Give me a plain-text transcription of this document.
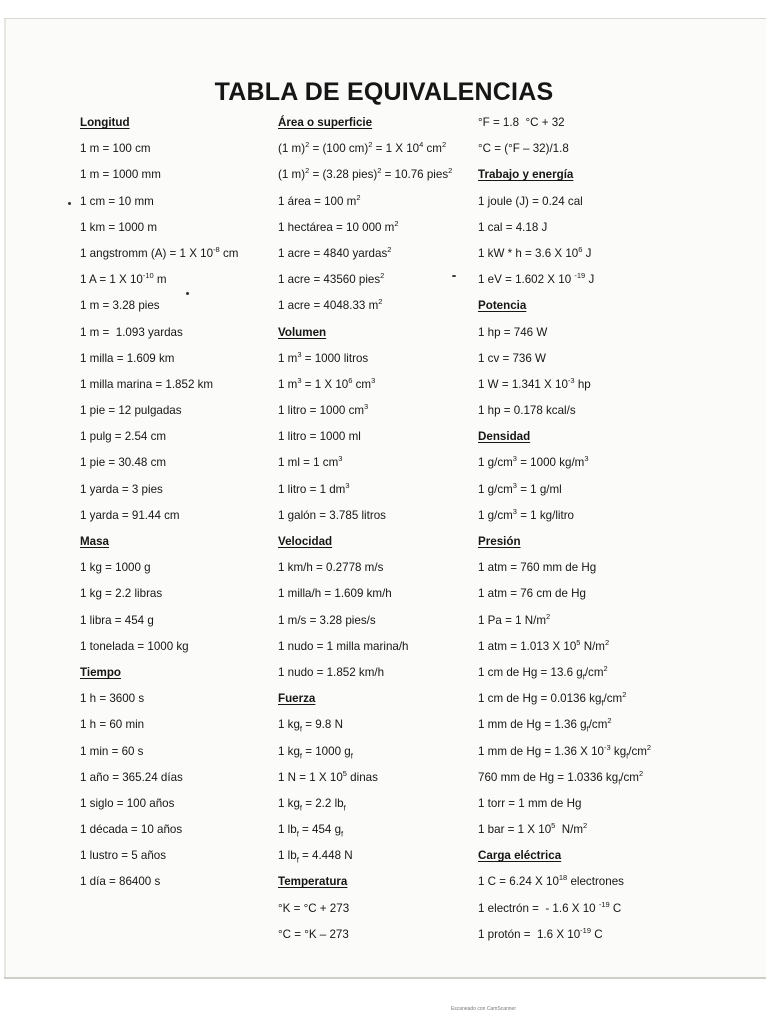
TABLA DE EQUIVALENCIAS

Longitud

1 m = 100 cm

1 m = 1000 mm

1 cm = 10 mm

1 km = 1000 m

1 angstromm (A) = 1 X $10^{-8}$ cm

1 A = 1 X $10^{-10}$ m

1 m = 3.28 pies

1 m =  1.093 yardas

1 milla = 1.609 km

1 milla marina = 1.852 km

1 pie = 12 pulgadas

1 pulg = 2.54 cm

1 pie = 30.48 cm

1 yarda = 3 pies

1 yarda = 91.44 cm

Masa

1 kg = 1000 g

1 kg = 2.2 libras

1 libra = 454 g

1 tonelada = 1000 kg

Tiempo

1 h = 3600 s

1 h = 60 min

1 min = 60 s

1 año = 365.24 días

1 siglo = 100 años

1 década = 10 años

1 lustro = 5 años

1 día = 86400 s

Área o superficie

(1 m)$^2$ = (100 cm)$^2$ = 1 X $10^4$ $cm^2$

(1 m)$^2$ = (3.28 pies)$^2$ = 10.76 pies$^2$

1 área = 100 $m^2$

1 hectárea = 10 000 $m^2$

1 acre = 4840 yardas$^2$

1 acre = 43560 pies$^2$

1 acre = 4048.33 $m^2$

Volumen

1 $m^3 = 1000$ litros

1 $m^3 = 1$ X $10^6$ $cm^3$

1 litro = 1000 $cm^3$

1 litro = 1000 ml

1 ml = 1 $cm^3$

1 litro = 1 $dm^3$

1 galón = 3.785 litros

Velocidad

1 km/h = 0.2778 m/s

1 milla/h = 1.609 km/h

1 m/s = 3.28 pies/s

1 nudo = 1 milla marina/h

1 nudo = 1.852 km/h

Fuerza

1 $kg_f = 9.8$ N

1 $kg_f = 1000$ $g_f$

1 N = 1 X $10^5$ dinas

1 $kg_f = 2.2$ $lb_f$

1 $lb_f = 454$ $g_f$

1 $lb_f = 4.448$ N

Temperatura

°K = °C + 273

°C = °K – 273

°F = 1.8  °C + 32

°C = (°F – 32)/1.8

Trabajo y energía

1 joule (J) = 0.24 cal

1 cal = 4.18 J

1 kW * h = 3.6 X $10^6$ J

1 eV = 1.602 X 10 $^{-19}$ J

Potencia

1 hp = 746 W

1 cv = 736 W

1 W = 1.341 X $10^{-3}$ hp

1 hp = 0.178 kcal/s

Densidad

1 $g/cm^3 = 1000$ $kg/m^3$

1 $g/cm^3 = 1$ g/ml

1 $g/cm^3 = 1$ kg/litro

Presión

1 atm = 760 mm de Hg

1 atm = 76 cm de Hg

1 Pa = 1 $N/m^2$

1 atm = 1.013 X $10^5$ $N/m^2$

1 cm de Hg = 13.6 $g_f/cm^2$

1 cm de Hg = 0.0136 $kg_f/cm^2$

1 mm de Hg = 1.36 $g_f/cm^2$

1 mm de Hg = 1.36 X $10^{-3}$ $kg_f/cm^2$

760 mm de Hg = 1.0336 $kg_f/cm^2$

1 torr = 1 mm de Hg

1 bar = 1 X $10^5$  $N/m^2$

Carga eléctrica

1 C = 6.24 X $10^{18}$ electrones

1 electrón =  - 1.6 X 10 $^{-19}$ C

1 protón =  1.6 X $10^{-19}$ C

Escaneado con CamScanner
